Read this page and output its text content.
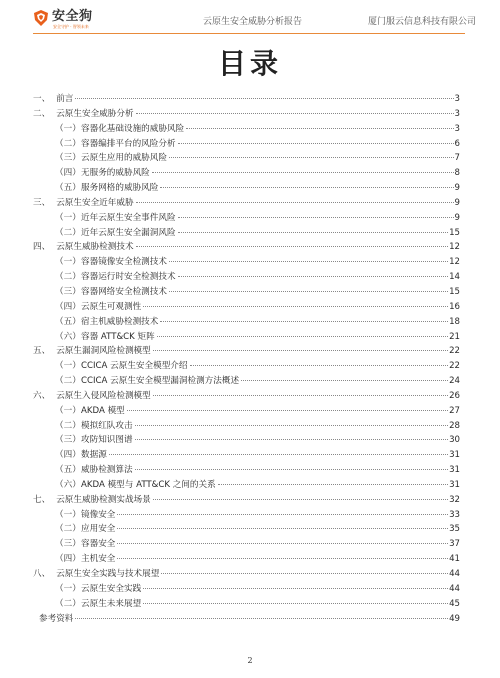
安全狗
安全守护 · 智领未来	云原生安全威胁分析报告	厦门服云信息科技有限公司
目录
一、 前言	3
二、 云原生安全威胁分析	3
（一）容器化基础设施的威胁风险	3
（二）容器编排平台的风险分析	6
（三）云原生应用的威胁风险	7
（四）无服务的威胁风险	8
（五）服务网格的威胁风险	9
三、 云原生安全近年威胁	9
（一）近年云原生安全事件风险	9
（二）近年云原生安全漏洞风险	15
四、 云原生威胁检测技术	12
（一）容器镜像安全检测技术	12
（二）容器运行时安全检测技术	14
（三）容器网络安全检测技术	15
（四）云原生可观测性	16
（五）宿主机威胁检测技术	18
（六）容器 ATT&CK 矩阵	21
五、 云原生漏洞风险检测模型	22
（一）CCICA 云原生安全模型介绍	22
（二）CCICA 云原生安全模型漏洞检测方法概述	24
六、 云原生入侵风险检测模型	26
（一）AKDA 模型	27
（二）模拟红队攻击	28
（三）攻防知识图谱	30
（四）数据源	31
（五）威胁检测算法	31
（六）AKDA 模型与 ATT&CK 之间的关系	31
七、 云原生威胁检测实战场景	32
（一）镜像安全	33
（二）应用安全	35
（三）容器安全	37
（四）主机安全	41
八、 云原生安全实践与技术展望	44
（一）云原生安全实践	44
（二）云原生未来展望	45
参考资料	49
2
